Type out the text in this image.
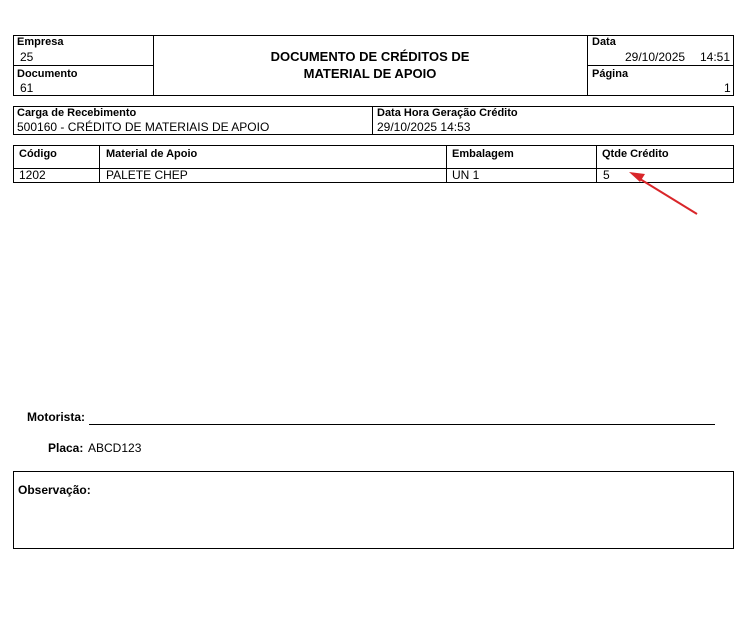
Empresa
25
Documento
61
DOCUMENTO DE CRÉDITOS DE
MATERIAL DE APOIO
Data
29/10/2025 14:51
Página
1
Carga de Recebimento
500160 - CRÉDITO DE MATERIAIS DE APOIO
Data Hora Geração Crédito
29/10/2025 14:53
Código	Material de Apoio	Embalagem	Qtde Crédito
1202	PALETE CHEP	UN 1	5
Motorista:
Placa: ABCD123
Observação:
